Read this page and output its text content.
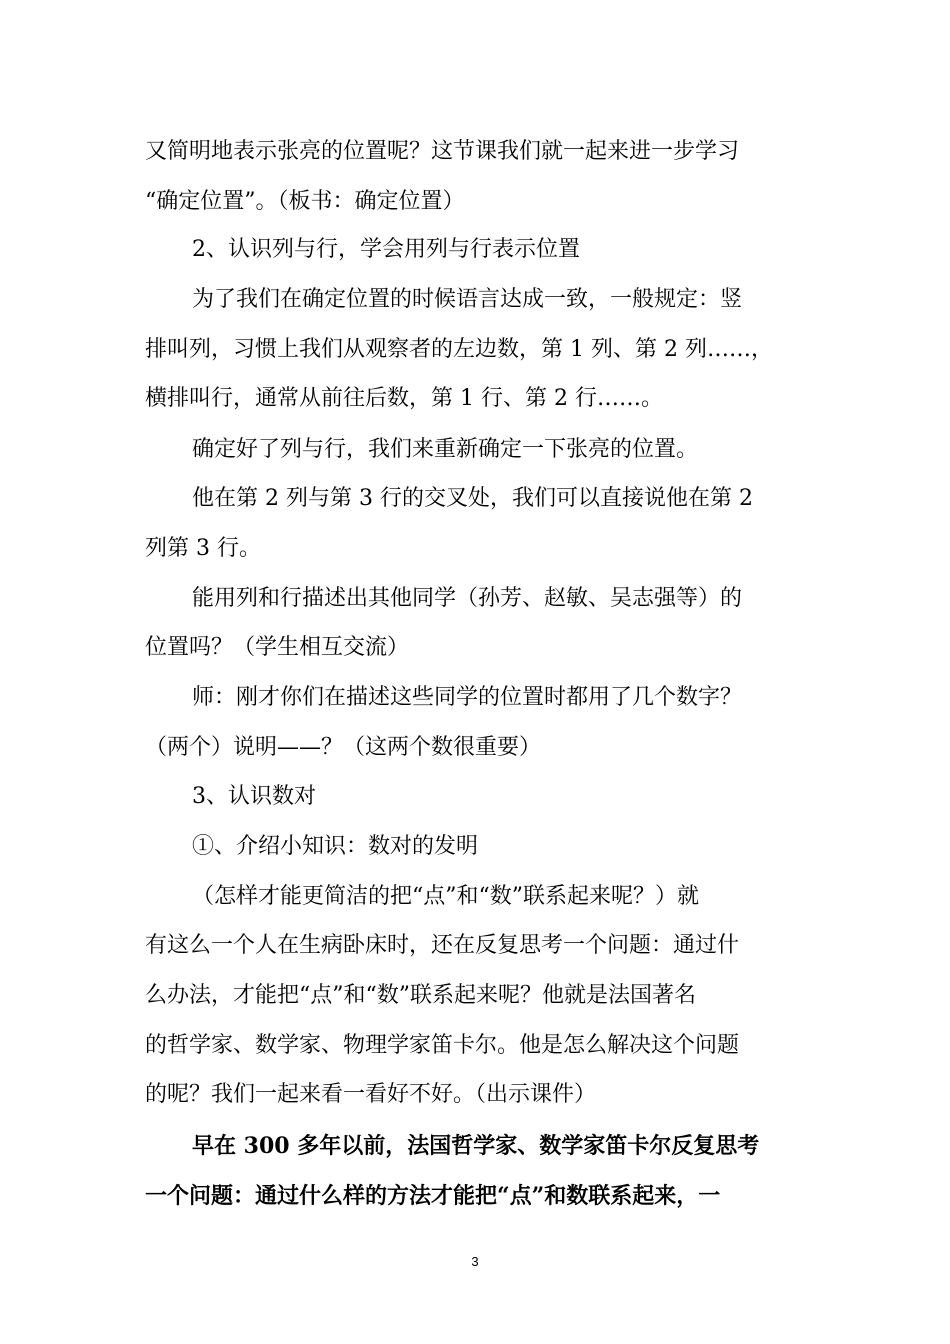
又简明地表示张亮的位置呢？这节课我们就一起来进一步学习

“确定位置”。（板书：确定位置）

2、认识列与行，学会用列与行表示位置

为了我们在确定位置的时候语言达成一致，一般规定：竖

排叫列，习惯上我们从观察者的左边数，第 1 列、第 2 列……，

横排叫行，通常从前往后数，第 1 行、第 2 行……。

确定好了列与行，我们来重新确定一下张亮的位置。

他在第 2 列与第 3 行的交叉处，我们可以直接说他在第 2

列第 3 行。

能用列和行描述出其他同学（孙芳、赵敏、吴志强等）的

位置吗？（学生相互交流）

师：刚才你们在描述这些同学的位置时都用了几个数字？

（两个）说明——？（这两个数很重要）

3、认识数对

①、介绍小知识：数对的发明

（怎样才能更简洁的把“点”和“数”联系起来呢？）就

有这么一个人在生病卧床时，还在反复思考一个问题：通过什

么办法，才能把“点”和“数”联系起来呢？他就是法国著名

的哲学家、数学家、物理学家笛卡尔。他是怎么解决这个问题

的呢？我们一起来看一看好不好。（出示课件）

早在 300 多年以前，法国哲学家、数学家笛卡尔反复思考

一个问题：通过什么样的方法才能把“点”和数联系起来，一

3
